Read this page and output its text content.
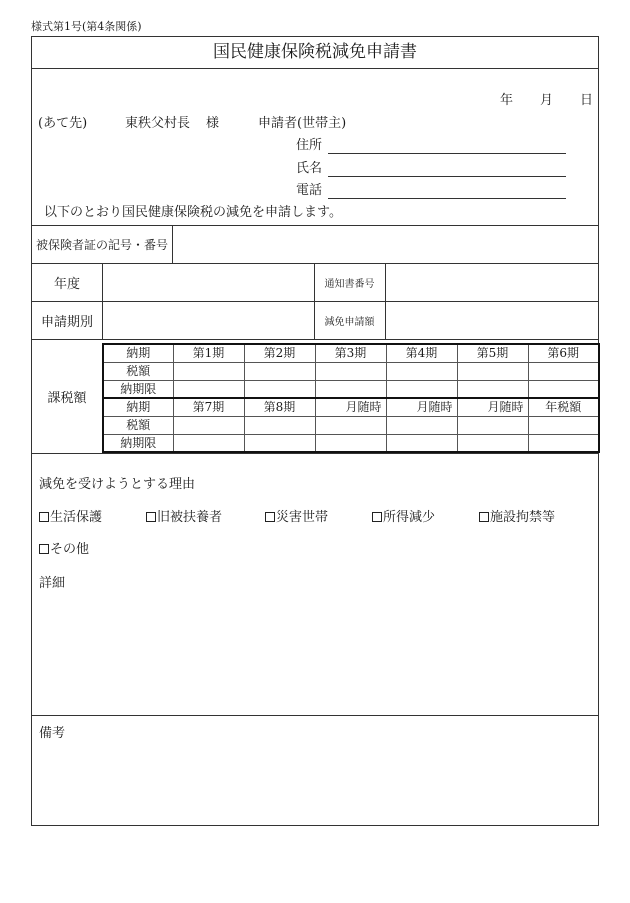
様式第1号(第4条関係)
国民健康保険税減免申請書
年 月 日
(あて先)	東秩父村長 様	申請者(世帯主)
住所
氏名
電話
以下のとおり国民健康保険税の減免を申請します。
被保険者証の記号・番号
年度	通知書番号
申請期別	減免申請額
課税額
納期	第1期	第2期	第3期	第4期	第5期	第6期
税額						
納期限						
納期	第7期	第8期	月随時	月随時	月随時	年税額
税額						
納期限						
減免を受けようとする理由
生活保護	旧被扶養者	災害世帯	所得減少	施設拘禁等
その他
詳細
備考
